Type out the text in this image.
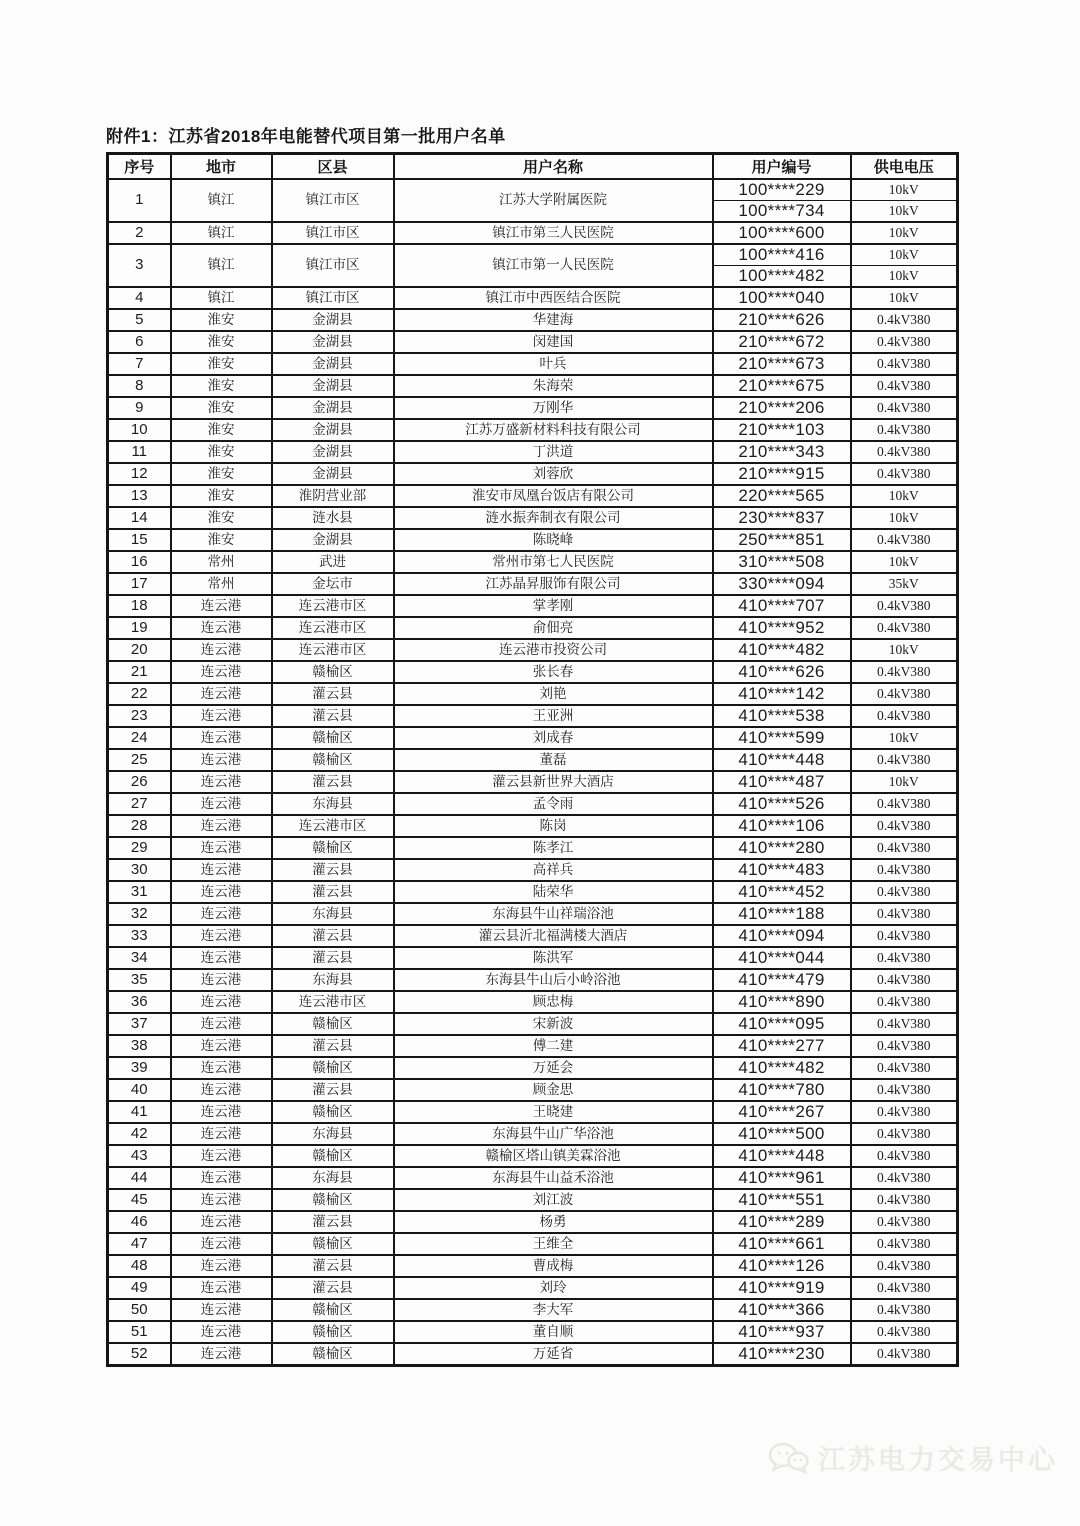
附件1：江苏省2018年电能替代项目第一批用户名单
序号	地市	区县	用户名称	用户编号	供电电压
1	镇江	镇江市区	江苏大学附属医院	100****229	10kV
				100****734	10kV
2	镇江	镇江市区	镇江市第三人民医院	100****600	10kV
3	镇江	镇江市区	镇江市第一人民医院	100****416	10kV
				100****482	10kV
4	镇江	镇江市区	镇江市中西医结合医院	100****040	10kV
5	淮安	金湖县	华建海	210****626	0.4kV380
6	淮安	金湖县	闵建国	210****672	0.4kV380
7	淮安	金湖县	叶兵	210****673	0.4kV380
8	淮安	金湖县	朱海荣	210****675	0.4kV380
9	淮安	金湖县	万刚华	210****206	0.4kV380
10	淮安	金湖县	江苏万盛新材料科技有限公司	210****103	0.4kV380
11	淮安	金湖县	丁洪道	210****343	0.4kV380
12	淮安	金湖县	刘蓉欣	210****915	0.4kV380
13	淮安	淮阴营业部	淮安市凤凰台饭店有限公司	220****565	10kV
14	淮安	涟水县	涟水振奔制衣有限公司	230****837	10kV
15	淮安	金湖县	陈晓峰	250****851	0.4kV380
16	常州	武进	常州市第七人民医院	310****508	10kV
17	常州	金坛市	江苏晶昇服饰有限公司	330****094	35kV
18	连云港	连云港市区	掌孝刚	410****707	0.4kV380
19	连云港	连云港市区	俞佃亮	410****952	0.4kV380
20	连云港	连云港市区	连云港市投资公司	410****482	10kV
21	连云港	赣榆区	张长春	410****626	0.4kV380
22	连云港	灌云县	刘艳	410****142	0.4kV380
23	连云港	灌云县	王亚洲	410****538	0.4kV380
24	连云港	赣榆区	刘成春	410****599	10kV
25	连云港	赣榆区	董磊	410****448	0.4kV380
26	连云港	灌云县	灌云县新世界大酒店	410****487	10kV
27	连云港	东海县	孟令雨	410****526	0.4kV380
28	连云港	连云港市区	陈岗	410****106	0.4kV380
29	连云港	赣榆区	陈孝江	410****280	0.4kV380
30	连云港	灌云县	高祥兵	410****483	0.4kV380
31	连云港	灌云县	陆荣华	410****452	0.4kV380
32	连云港	东海县	东海县牛山祥瑞浴池	410****188	0.4kV380
33	连云港	灌云县	灌云县沂北福满楼大酒店	410****094	0.4kV380
34	连云港	灌云县	陈洪军	410****044	0.4kV380
35	连云港	东海县	东海县牛山后小岭浴池	410****479	0.4kV380
36	连云港	连云港市区	顾忠梅	410****890	0.4kV380
37	连云港	赣榆区	宋新波	410****095	0.4kV380
38	连云港	灌云县	傅二建	410****277	0.4kV380
39	连云港	赣榆区	万延会	410****482	0.4kV380
40	连云港	灌云县	顾金思	410****780	0.4kV380
41	连云港	赣榆区	王晓建	410****267	0.4kV380
42	连云港	东海县	东海县牛山广华浴池	410****500	0.4kV380
43	连云港	赣榆区	赣榆区塔山镇美霖浴池	410****448	0.4kV380
44	连云港	东海县	东海县牛山益禾浴池	410****961	0.4kV380
45	连云港	赣榆区	刘江波	410****551	0.4kV380
46	连云港	灌云县	杨勇	410****289	0.4kV380
47	连云港	赣榆区	王维全	410****661	0.4kV380
48	连云港	灌云县	曹成梅	410****126	0.4kV380
49	连云港	灌云县	刘玲	410****919	0.4kV380
50	连云港	赣榆区	李大军	410****366	0.4kV380
51	连云港	赣榆区	董自顺	410****937	0.4kV380
52	连云港	赣榆区	万延省	410****230	0.4kV380
江苏电力交易中心
